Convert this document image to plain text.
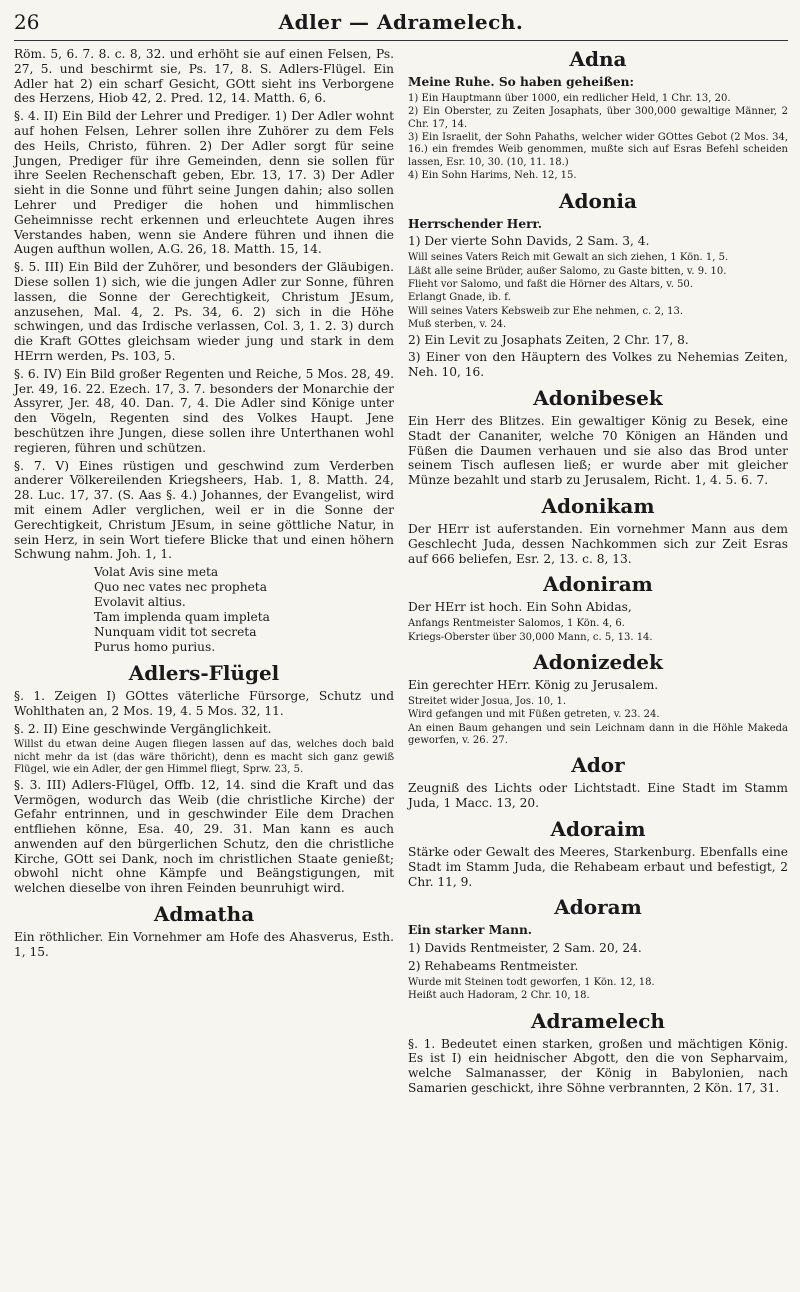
26	Adler — Adramelech.

Röm. 5, 6. 7. 8. c. 8, 32. und erhöht sie auf einen Felsen, Ps. 27, 5. und beschirmt sie, Ps. 17, 8. S. Adlers-Flügel. Ein Adler hat 2) ein scharf Gesicht, GOtt sieht ins Verborgene des Herzens, Hiob 42, 2. Pred. 12, 14. Matth. 6, 6.

§. 4. II) Ein Bild der Lehrer und Prediger. 1) Der Adler wohnt auf hohen Felsen, Lehrer sollen ihre Zuhörer zu dem Fels des Heils, Christo, führen. 2) Der Adler sorgt für seine Jungen, Prediger für ihre Gemeinden, denn sie sollen für ihre Seelen Rechenschaft geben, Ebr. 13, 17. 3) Der Adler sieht in die Sonne und führt seine Jungen dahin; also sollen Lehrer und Prediger die hohen und himmlischen Geheimnisse recht erkennen und erleuchtete Augen ihres Verstandes haben, wenn sie Andere führen und ihnen die Augen aufthun wollen, A.G. 26, 18. Matth. 15, 14.

§. 5. III) Ein Bild der Zuhörer, und besonders der Gläubigen. Diese sollen 1) sich, wie die jungen Adler zur Sonne, führen lassen, die Sonne der Gerechtigkeit, Christum JEsum, anzusehen, Mal. 4, 2. Ps. 34, 6. 2) sich in die Höhe schwingen, und das Irdische verlassen, Col. 3, 1. 2. 3) durch die Kraft GOttes gleichsam wieder jung und stark in dem HErrn werden, Ps. 103, 5.

§. 6. IV) Ein Bild großer Regenten und Reiche, 5 Mos. 28, 49. Jer. 49, 16. 22. Ezech. 17, 3. 7. besonders der Monarchie der Assyrer, Jer. 48, 40. Dan. 7, 4. Die Adler sind Könige unter den Vögeln, Regenten sind des Volkes Haupt. Jene beschützen ihre Jungen, diese sollen ihre Unterthanen wohl regieren, führen und schützen.

§. 7. V) Eines rüstigen und geschwind zum Verderben anderer Völkereilenden Kriegsheers, Hab. 1, 8. Matth. 24, 28. Luc. 17, 37. (S. Aas §. 4.) Johannes, der Evangelist, wird mit einem Adler verglichen, weil er in die Sonne der Gerechtigkeit, Christum JEsum, in seine göttliche Natur, in sein Herz, in sein Wort tiefere Blicke that und einen höhern Schwung nahm. Joh. 1, 1.

Volat Avis sine meta
Quo nec vates nec propheta
Evolavit altius.
Tam implenda quam impleta
Nunquam vidit tot secreta
Purus homo purius.
Adlers-Flügel

§. 1. Zeigen I) GOttes väterliche Fürsorge, Schutz und Wohlthaten an, 2 Mos. 19, 4. 5 Mos. 32, 11.

§. 2. II) Eine geschwinde Vergänglichkeit.

Willst du etwan deine Augen fliegen lassen auf das, welches doch bald nicht mehr da ist (das wäre thöricht), denn es macht sich ganz gewiß Flügel, wie ein Adler, der gen Himmel fliegt, Sprw. 23, 5.

§. 3. III) Adlers-Flügel, Offb. 12, 14. sind die Kraft und das Vermögen, wodurch das Weib (die christliche Kirche) der Gefahr entrinnen, und in geschwinder Eile dem Drachen entfliehen könne, Esa. 40, 29. 31. Man kann es auch anwenden auf den bürgerlichen Schutz, den die christliche Kirche, GOtt sei Dank, noch im christlichen Staate genießt; obwohl nicht ohne Kämpfe und Beängstigungen, mit welchen dieselbe von ihren Feinden beunruhigt wird.

Admatha

Ein röthlicher. Ein Vornehmer am Hofe des Ahasverus, Esth. 1, 15.

Adna

Meine Ruhe. So haben geheißen:

1) Ein Hauptmann über 1000, ein redlicher Held, 1 Chr. 13, 20.

2) Ein Oberster, zu Zeiten Josaphats, über 300,000 gewaltige Männer, 2 Chr. 17, 14.

3) Ein Israelit, der Sohn Pahaths, welcher wider GOttes Gebot (2 Mos. 34, 16.) ein fremdes Weib genommen, mußte sich auf Esras Befehl scheiden lassen, Esr. 10, 30. (10, 11. 18.)

4) Ein Sohn Harims, Neh. 12, 15.

Adonia

Herrschender Herr.

1) Der vierte Sohn Davids, 2 Sam. 3, 4.

Will seines Vaters Reich mit Gewalt an sich ziehen, 1 Kön. 1, 5.

Läßt alle seine Brüder, außer Salomo, zu Gaste bitten, v. 9. 10.

Flieht vor Salomo, und faßt die Hörner des Altars, v. 50.

Erlangt Gnade, ib. f.

Will seines Vaters Kebsweib zur Ehe nehmen, c. 2, 13.

Muß sterben, v. 24.

2) Ein Levit zu Josaphats Zeiten, 2 Chr. 17, 8.

3) Einer von den Häuptern des Volkes zu Nehemias Zeiten, Neh. 10, 16.

Adonibesek

Ein Herr des Blitzes. Ein gewaltiger König zu Besek, eine Stadt der Cananiter, welche 70 Königen an Händen und Füßen die Daumen verhauen und sie also das Brod unter seinem Tisch auflesen ließ; er wurde aber mit gleicher Münze bezahlt und starb zu Jerusalem, Richt. 1, 4. 5. 6. 7.

Adonikam

Der HErr ist auferstanden. Ein vornehmer Mann aus dem Geschlecht Juda, dessen Nachkommen sich zur Zeit Esras auf 666 beliefen, Esr. 2, 13. c. 8, 13.

Adoniram

Der HErr ist hoch. Ein Sohn Abidas,

Anfangs Rentmeister Salomos, 1 Kön. 4, 6.

Kriegs-Oberster über 30,000 Mann, c. 5, 13. 14.

Adonizedek

Ein gerechter HErr. König zu Jerusalem.

Streitet wider Josua, Jos. 10, 1.

Wird gefangen und mit Füßen getreten, v. 23. 24.

An einen Baum gehangen und sein Leichnam dann in die Höhle Makeda geworfen, v. 26. 27.

Ador

Zeugniß des Lichts oder Lichtstadt. Eine Stadt im Stamm Juda, 1 Macc. 13, 20.

Adoraim

Stärke oder Gewalt des Meeres, Starkenburg. Ebenfalls eine Stadt im Stamm Juda, die Rehabeam erbaut und befestigt, 2 Chr. 11, 9.

Adoram

Ein starker Mann.

1) Davids Rentmeister, 2 Sam. 20, 24.

2) Rehabeams Rentmeister.

Wurde mit Steinen todt geworfen, 1 Kön. 12, 18.

Heißt auch Hadoram, 2 Chr. 10, 18.

Adramelech

§. 1. Bedeutet einen starken, großen und mächtigen König. Es ist I) ein heidnischer Abgott, den die von Sepharvaim, welche Salmanasser, der König in Babylonien, nach Samarien geschickt, ihre Söhne verbrannten, 2 Kön. 17, 31.
